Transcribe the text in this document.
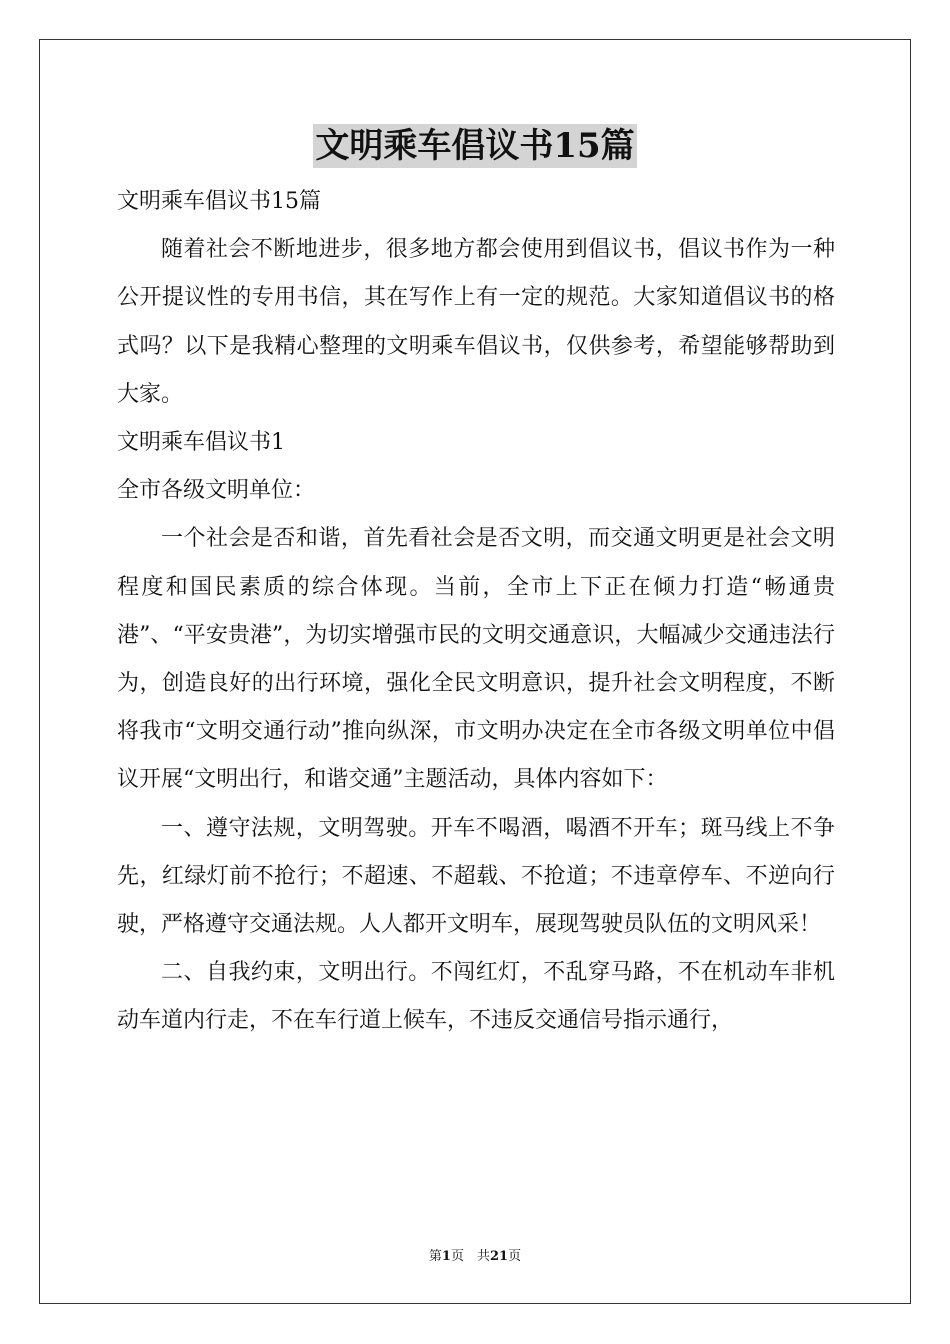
文明乘车倡议书15篇

文明乘车倡议书15篇

随着社会不断地进步，很多地方都会使用到倡议书，倡议书作为一种公开提议性的专用书信，其在写作上有一定的规范。大家知道倡议书的格式吗？以下是我精心整理的文明乘车倡议书，仅供参考，希望能够帮助到大家。

文明乘车倡议书1

全市各级文明单位：

一个社会是否和谐，首先看社会是否文明，而交通文明更是社会文明程度和国民素质的综合体现。当前，全市上下正在倾力打造“畅通贵港”、“平安贵港”，为切实增强市民的文明交通意识，大幅减少交通违法行为，创造良好的出行环境，强化全民文明意识，提升社会文明程度，不断将我市“文明交通行动”推向纵深，市文明办决定在全市各级文明单位中倡议开展“文明出行，和谐交通”主题活动，具体内容如下：

一、遵守法规，文明驾驶。开车不喝酒，喝酒不开车；斑马线上不争先，红绿灯前不抢行；不超速、不超载、不抢道；不违章停车、不逆向行驶，严格遵守交通法规。人人都开文明车，展现驾驶员队伍的文明风采！

二、自我约束，文明出行。不闯红灯，不乱穿马路，不在机动车非机动车道内行走，不在车行道上候车，不违反交通信号指示通行，

第1页　共21页
